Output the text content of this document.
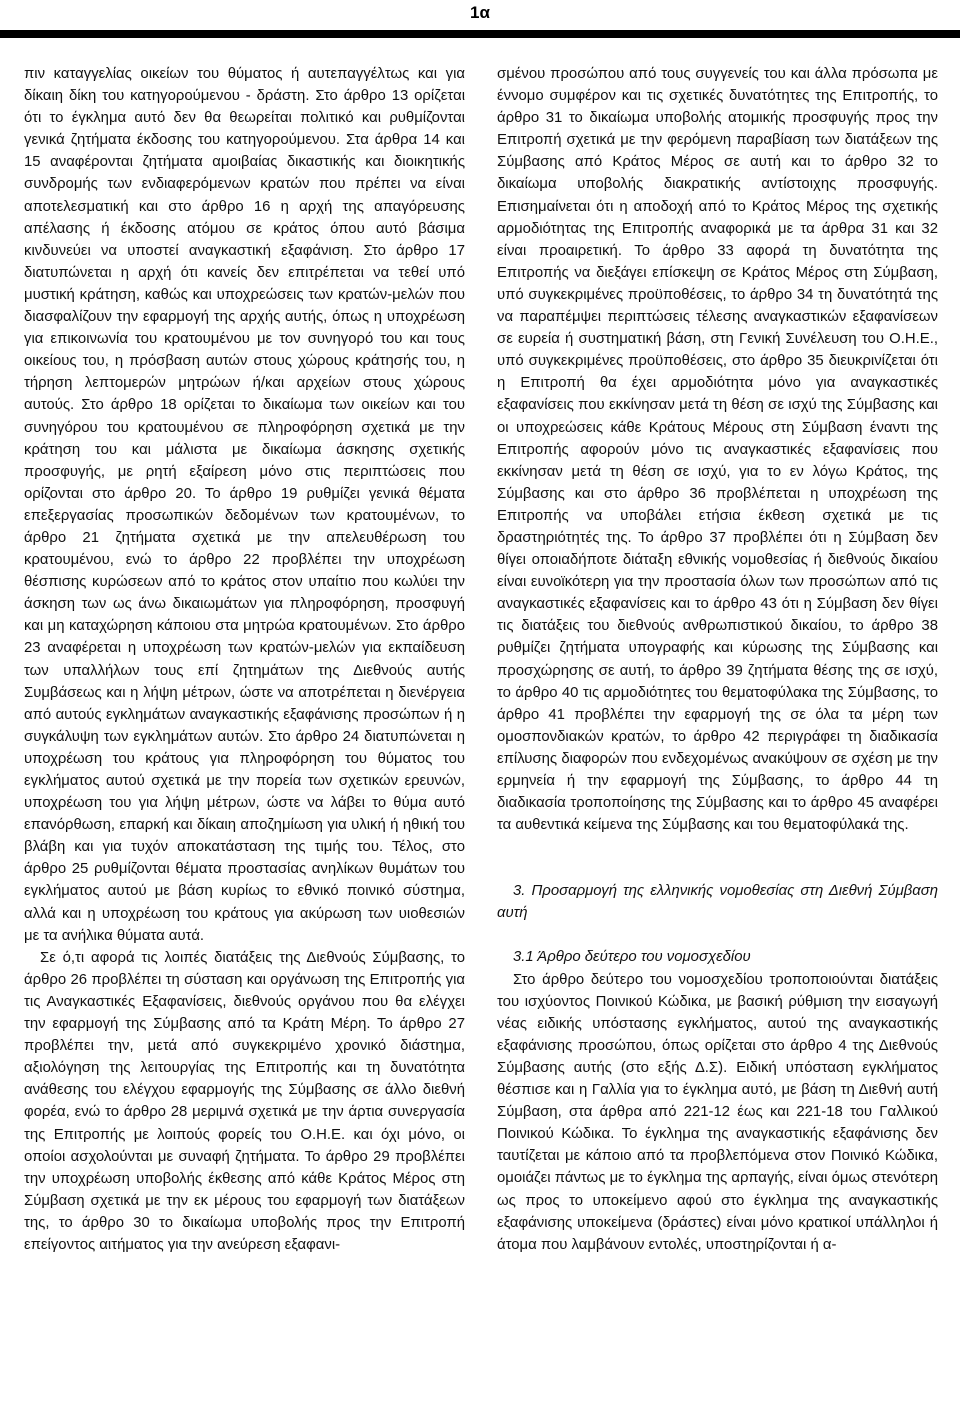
1α

πιν καταγγελίας οικείων του θύματος ή αυτεπαγγέλτως και για δίκαιη δίκη του κατηγορούμενου - δράστη. Στο άρθρο 13 ορίζεται ότι το έγκλημα αυτό δεν θα θεωρείται πολιτικό και ρυθμίζονται γενικά ζητήματα έκδοσης του κατηγορούμενου. Στα άρθρα 14 και 15 αναφέρονται ζητήματα αμοιβαίας δικαστικής και διοικητικής συνδρομής των ενδιαφερόμενων κρατών που πρέπει να είναι αποτελεσματική και στο άρθρο 16 η αρχή της απαγόρευσης απέλασης ή έκδοσης ατόμου σε κράτος όπου αυτό βάσιμα κινδυνεύει να υποστεί αναγκαστική εξαφάνιση. Στο άρθρο 17 διατυπώνεται η αρχή ότι κανείς δεν επιτρέπεται να τεθεί υπό μυστική κράτηση, καθώς και υποχρεώσεις των κρατών-μελών που διασφαλίζουν την εφαρμογή της αρχής αυτής, όπως η υποχρέωση για επικοινωνία του κρατουμένου με τον συνηγορό του και τους οικείους του, η πρόσβαση αυτών στους χώρους κράτησής του, η τήρηση λεπτομερών μητρώων ή/και αρχείων στους χώρους αυτούς. Στο άρθρο 18 ορίζεται το δικαίωμα των οικείων και του συνηγόρου του κρατουμένου σε πληροφόρηση σχετικά με την κράτηση του και μάλιστα με δικαίωμα άσκησης σχετικής προσφυγής, με ρητή εξαίρεση μόνο στις περιπτώσεις που ορίζονται στο άρθρο 20. Το άρθρο 19 ρυθμίζει γενικά θέματα επεξεργασίας προσωπικών δεδομένων των κρατουμένων, το άρθρο 21 ζητήματα σχετικά με την απελευθέρωση του κρατουμένου, ενώ το άρθρο 22 προβλέπει την υποχρέωση θέσπισης κυρώσεων από το κράτος στον υπαίτιο που κωλύει την άσκηση των ως άνω δικαιωμάτων για πληροφόρηση, προσφυγή και μη καταχώρηση κάποιου στα μητρώα κρατουμένων. Στο άρθρο 23 αναφέρεται η υποχρέωση των κρατών-μελών για εκπαίδευση των υπαλλήλων τους επί ζητημάτων της Διεθνούς αυτής Συμβάσεως και η λήψη μέτρων, ώστε να αποτρέπεται η διενέργεια από αυτούς εγκλημάτων αναγκαστικής εξαφάνισης προσώπων ή η συγκάλυψη των εγκλημάτων αυτών. Στο άρθρο 24 διατυπώνεται η υποχρέωση του κράτους για πληροφόρηση του θύματος του εγκλήματος αυτού σχετικά με την πορεία των σχετικών ερευνών, υποχρέωση του για λήψη μέτρων, ώστε να λάβει το θύμα αυτό επανόρθωση, επαρκή και δίκαιη αποζημίωση για υλική ή ηθική του βλάβη και για τυχόν αποκατάσταση της τιμής του. Τέλος, στο άρθρο 25 ρυθμίζονται θέματα προστασίας ανηλίκων θυμάτων του εγκλήματος αυτού με βάση κυρίως το εθνικό ποινικό σύστημα, αλλά και η υποχρέωση του κράτους για ακύρωση των υιοθεσιών με τα ανήλικα θύματα αυτά.

Σε ό,τι αφορά τις λοιπές διατάξεις της Διεθνούς Σύμβασης, το άρθρο 26 προβλέπει τη σύσταση και οργάνωση της Επιτροπής για τις Αναγκαστικές Εξαφανίσεις, διεθνούς οργάνου που θα ελέγχει την εφαρμογή της Σύμβασης από τα Κράτη Μέρη. Το άρθρο 27 προβλέπει την, μετά από συγκεκριμένο χρονικό διάστημα, αξιολόγηση της λειτουργίας της Επιτροπής και τη δυνατότητα ανάθεσης του ελέγχου εφαρμογής της Σύμβασης σε άλλο διεθνή φορέα, ενώ το άρθρο 28 μεριμνά σχετικά με την άρτια συνεργασία της Επιτροπής με λοιπούς φορείς του Ο.Η.Ε. και όχι μόνο, οι οποίοι ασχολούνται με συναφή ζητήματα. Το άρθρο 29 προβλέπει την υποχρέωση υποβολής έκθεσης από κάθε Κράτος Μέρος στη Σύμβαση σχετικά με την εκ μέρους του εφαρμογή των διατάξεων της, το άρθρο 30 το δικαίωμα υποβολής προς την Επιτροπή επείγοντος αιτήματος για την ανεύρεση εξαφανι-

σμένου προσώπου από τους συγγενείς του και άλλα πρόσωπα με έννομο συμφέρον και τις σχετικές δυνατότητες της Επιτροπής, το άρθρο 31 το δικαίωμα υποβολής ατομικής προσφυγής προς την Επιτροπή σχετικά με την φερόμενη παραβίαση των διατάξεων της Σύμβασης από Κράτος Μέρος σε αυτή και το άρθρο 32 το δικαίωμα υποβολής διακρατικής αντίστοιχης προσφυγής. Επισημαίνεται ότι η αποδοχή από το Κράτος Μέρος της σχετικής αρμοδιότητας της Επιτροπής αναφορικά με τα άρθρα 31 και 32 είναι προαιρετική. Το άρθρο 33 αφορά τη δυνατότητα της Επιτροπής να διεξάγει επίσκεψη σε Κράτος Μέρος στη Σύμβαση, υπό συγκεκριμένες προϋποθέσεις, το άρθρο 34 τη δυνατότητά της να παραπέμψει περιπτώσεις τέλεσης αναγκαστικών εξαφανίσεων σε ευρεία ή συστηματική βάση, στη Γενική Συνέλευση του Ο.Η.Ε., υπό συγκεκριμένες προϋποθέσεις, στο άρθρο 35 διευκρινίζεται ότι η Επιτροπή θα έχει αρμοδιότητα μόνο για αναγκαστικές εξαφανίσεις που εκκίνησαν μετά τη θέση σε ισχύ της Σύμβασης και οι υποχρεώσεις κάθε Κράτους Μέρους στη Σύμβαση έναντι της Επιτροπής αφορούν μόνο τις αναγκαστικές εξαφανίσεις που εκκίνησαν μετά τη θέση σε ισχύ, για το εν λόγω Κράτος, της Σύμβασης και στο άρθρο 36 προβλέπεται η υποχρέωση της Επιτροπής να υποβάλει ετήσια έκθεση σχετικά με τις δραστηριότητές της. Το άρθρο 37 προβλέπει ότι η Σύμβαση δεν θίγει οποιαδήποτε διάταξη εθνικής νομοθεσίας ή διεθνούς δικαίου είναι ευνοϊκότερη για την προστασία όλων των προσώπων από τις αναγκαστικές εξαφανίσεις και το άρθρο 43 ότι η Σύμβαση δεν θίγει τις διατάξεις του διεθνούς ανθρωπιστικού δικαίου, το άρθρο 38 ρυθμίζει ζητήματα υπογραφής και κύρωσης της Σύμβασης και προσχώρησης σε αυτή, το άρθρο 39 ζητήματα θέσης της σε ισχύ, το άρθρο 40 τις αρμοδιότητες του θεματοφύλακα της Σύμβασης, το άρθρο 41 προβλέπει την εφαρμογή της σε όλα τα μέρη των ομοσπονδιακών κρατών, το άρθρο 42 περιγράφει τη διαδικασία επίλυσης διαφορών που ενδεχομένως ανακύψουν σε σχέση με την ερμηνεία ή την εφαρμογή της Σύμβασης, το άρθρο 44 τη διαδικασία τροποποίησης της Σύμβασης και το άρθρο 45 αναφέρει τα αυθεντικά κείμενα της Σύμβασης και του θεματοφύλακά της.

3. Προσαρμογή της ελληνικής νομοθεσίας στη Διεθνή Σύμβαση αυτή

3.1 Άρθρο δεύτερο του νομοσχεδίου

Στο άρθρο δεύτερο του νομοσχεδίου τροποποιούνται διατάξεις του ισχύοντος Ποινικού Κώδικα, με βασική ρύθμιση την εισαγωγή νέας ειδικής υπόστασης εγκλήματος, αυτού της αναγκαστικής εξαφάνισης προσώπου, όπως ορίζεται στο άρθρο 4 της Διεθνούς Σύμβασης αυτής (στο εξής Δ.Σ). Ειδική υπόσταση εγκλήματος θέσπισε και η Γαλλία για το έγκλημα αυτό, με βάση τη Διεθνή αυτή Σύμβαση, στα άρθρα από 221-12 έως και 221-18 του Γαλλικού Ποινικού Κώδικα. Το έγκλημα της αναγκαστικής εξαφάνισης δεν ταυτίζεται με κάποιο από τα προβλεπόμενα στον Ποινικό Κώδικα, ομοιάζει πάντως με το έγκλημα της αρπαγής, είναι όμως στενότερη ως προς το υποκείμενο αφού στο έγκλημα της αναγκαστικής εξαφάνισης υποκείμενα (δράστες) είναι μόνο κρατικοί υπάλληλοι ή άτομα που λαμβάνουν εντολές, υποστηρίζονται ή α-
